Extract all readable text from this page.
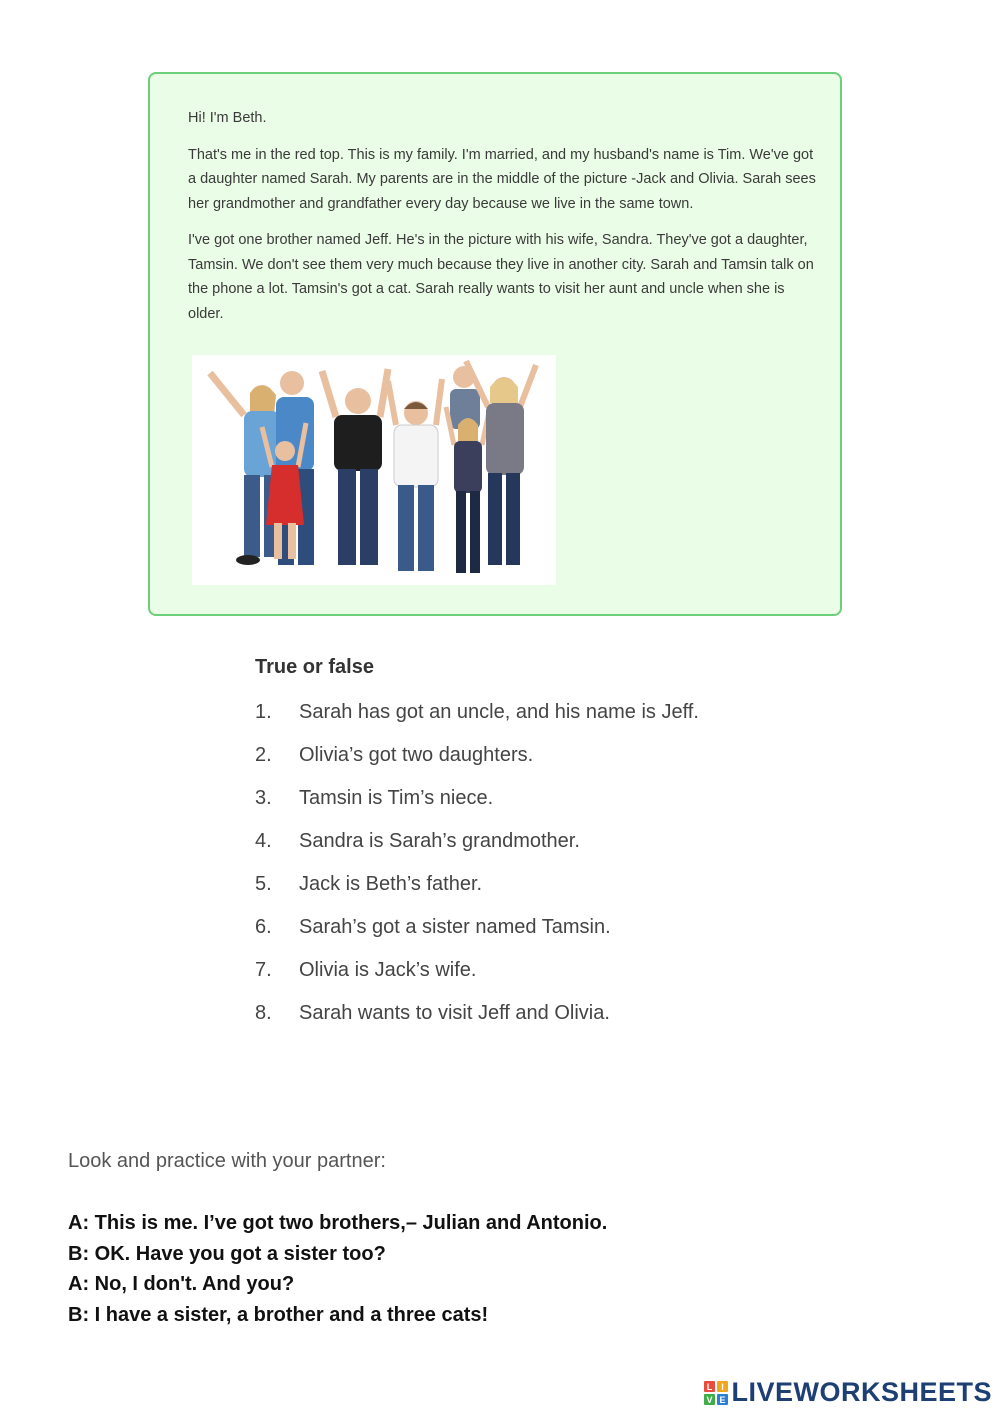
Hi! I'm Beth.

That's me in the red top. This is my family. I'm married, and my husband's name is Tim. We've got a daughter named Sarah. My parents are in the middle of the picture -Jack and Olivia. Sarah sees her grandmother and grandfather every day because we live in the same town.

I've got one brother named Jeff. He's in the picture with his wife, Sandra. They've got a daughter, Tamsin. We don't see them very much because they live in another city. Sarah and Tamsin talk on the phone a lot. Tamsin's got a cat. Sarah really wants to visit her aunt and uncle when she is older.

True or false
1.	Sarah has got an uncle, and his name is Jeff.
2.	Olivia’s got two daughters.
3.	Tamsin is Tim’s niece.
4.	Sandra is Sarah’s grandmother.
5.	Jack is Beth’s father.
6.	Sarah’s got a sister named Tamsin.
7.	Olivia is Jack’s wife.
8.	Sarah wants to visit Jeff and Olivia.
Look and practice with your partner:

A: This is me. I’ve got two brothers,– Julian and Antonio.

B: OK. Have you got a sister too?

A: No, I don't. And you?

B: I have a sister, a brother and a three cats!

L I
V E LIVEWORKSHEETS
